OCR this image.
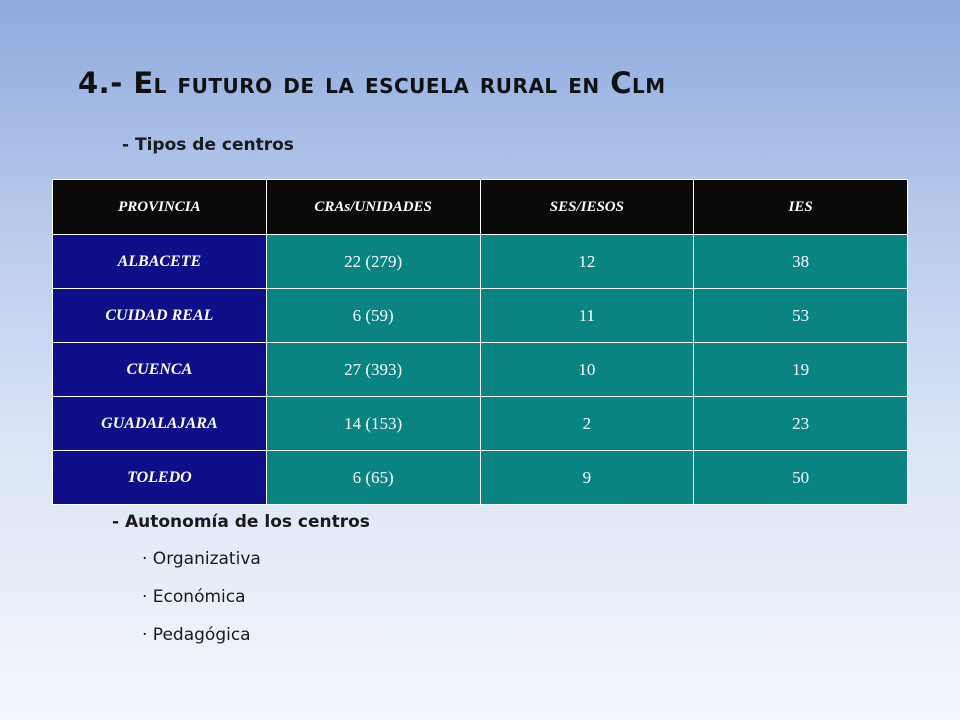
4.- El futuro de la escuela rural en Clm
- Tipos de centros
PROVINCIA	CRAs/UNIDADES	SES/IESOS	IES
ALBACETE	22 (279)	12	38
CUIDAD REAL	6 (59)	11	53
CUENCA	27 (393)	10	19
GUADALAJARA	14 (153)	2	23
TOLEDO	6 (65)	9	50
- Autonomía de los centros
· Organizativa
· Económica
· Pedagógica
